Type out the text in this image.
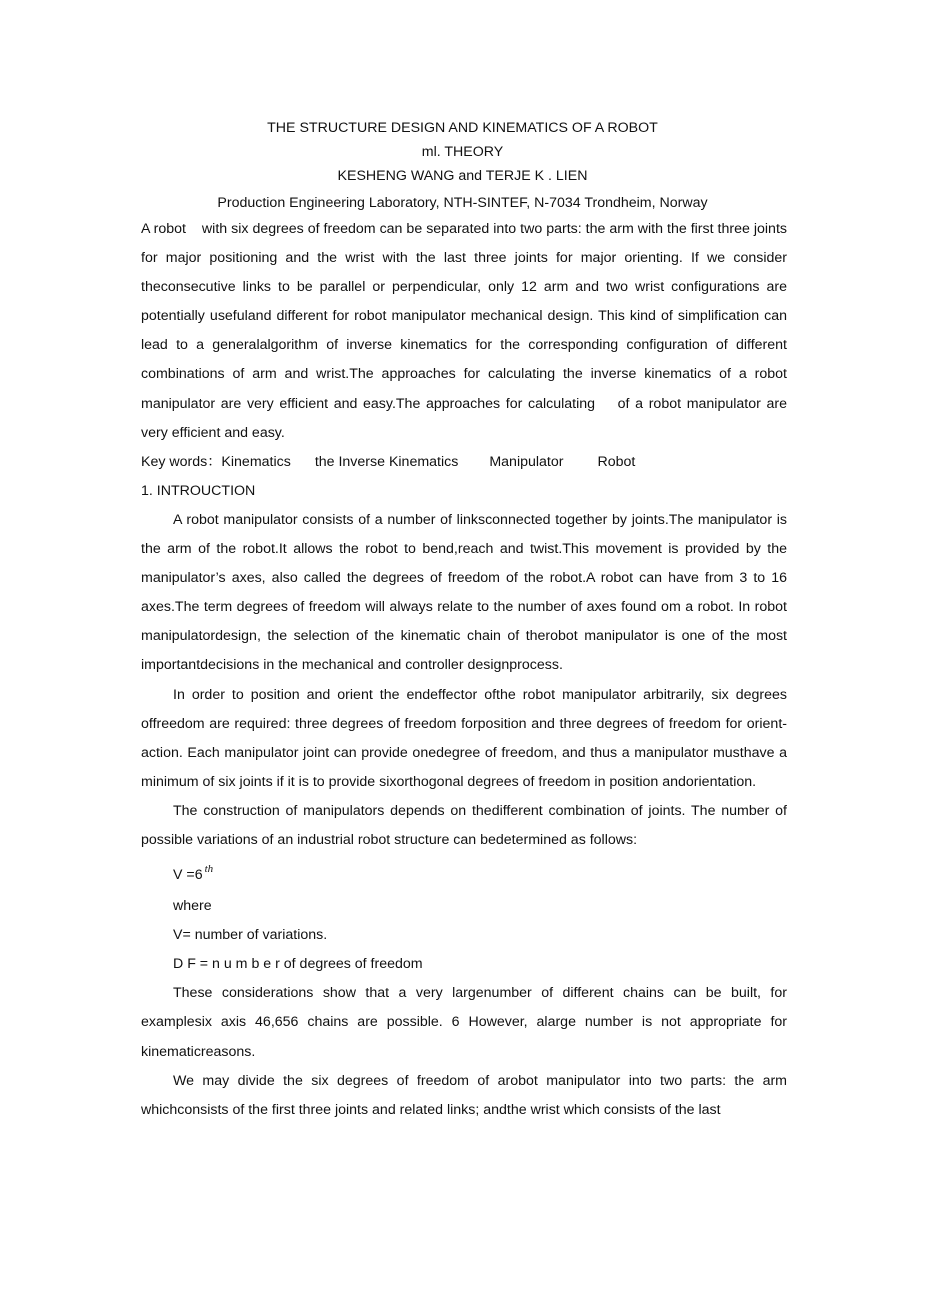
THE STRUCTURE DESIGN AND KINEMATICS OF A ROBOT
ml. THEORY
KESHENG WANG and TERJE K . LIEN
Production Engineering Laboratory, NTH-SINTEF, N-7034 Trondheim, Norway

A robot    with six degrees of freedom can be separated into two parts: the arm with the first three joints for major positioning and the wrist with the last three joints for major orienting. If we consider theconsecutive links to be parallel or perpendicular, only 12 arm and two wrist configurations are potentially usefuland different for robot manipulator mechanical design. This kind of simplification can lead to a generalalgorithm of inverse kinematics for the corresponding configuration of different combinations of arm and wrist.The approaches for calculating the inverse kinematics of a robot manipulator are very efficient and easy.The approaches for calculating    of a robot manipulator are very efficient and easy.

Key words：Kinematics the Inverse Kinematics Manipulator Robot

1. INTROUCTION

A robot manipulator consists of a number of linksconnected together by joints.The manipulator is the arm of the robot.It allows the robot to bend,reach and twist.This movement is provided by the manipulator’s axes, also called the degrees of freedom of the robot.A robot can have from 3 to 16 axes.The term degrees of freedom will always relate to the number of axes found om a robot. In robot manipulatordesign, the selection of the kinematic chain of therobot manipulator is one of the most importantdecisions in the mechanical and controller designprocess.

In order to position and orient the endeffector ofthe robot manipulator arbitrarily, six degrees offreedom are required: three degrees of freedom forposition and three degrees of freedom for orient-action. Each manipulator joint can provide onedegree of freedom, and thus a manipulator musthave a minimum of six joints if it is to provide sixorthogonal degrees of freedom in position andorientation.

The construction of manipulators depends on thedifferent combination of joints. The number of possible variations of an industrial robot structure can bedetermined as follows:

V =6 $^{th}$

where

V= number of variations.

D F = n u m b e r of degrees of freedom

These considerations show that a very largenumber of different chains can be built, for examplesix axis 46,656 chains are possible. 6 However, alarge number is not appropriate for kinematicreasons.

We may divide the six degrees of freedom of arobot manipulator into two parts: the arm whichconsists of the first three joints and related links; andthe wrist which consists of the last
